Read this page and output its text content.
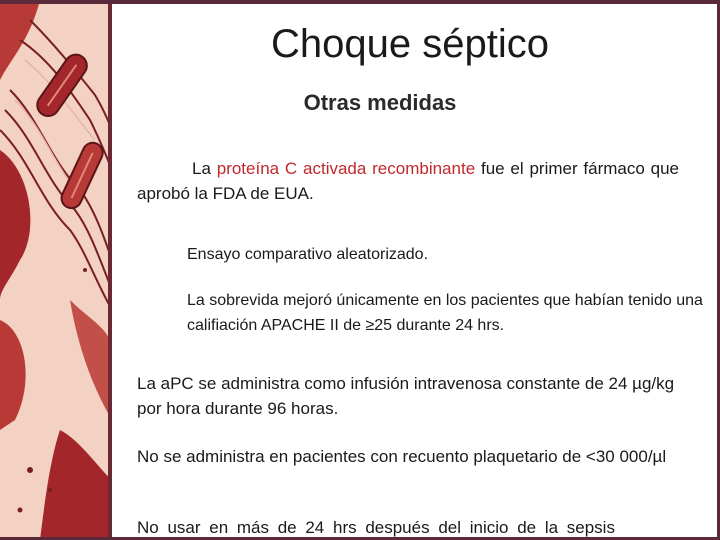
Choque séptico
Otras medidas

La proteína C activada recombinante fue el primer fármaco que aprobó la FDA de EUA.

Ensayo comparativo aleatorizado.

La sobrevida mejoró únicamente en los pacientes que habían tenido una califiación APACHE II de ≥25 durante 24 hrs.

La aPC se administra como infusión intravenosa constante de 24 µg/kg por hora durante 96 horas.

No se administra en pacientes con recuento plaquetario de <30 000/µl

No usar en más de 24 hrs después del inicio de la sepsis
